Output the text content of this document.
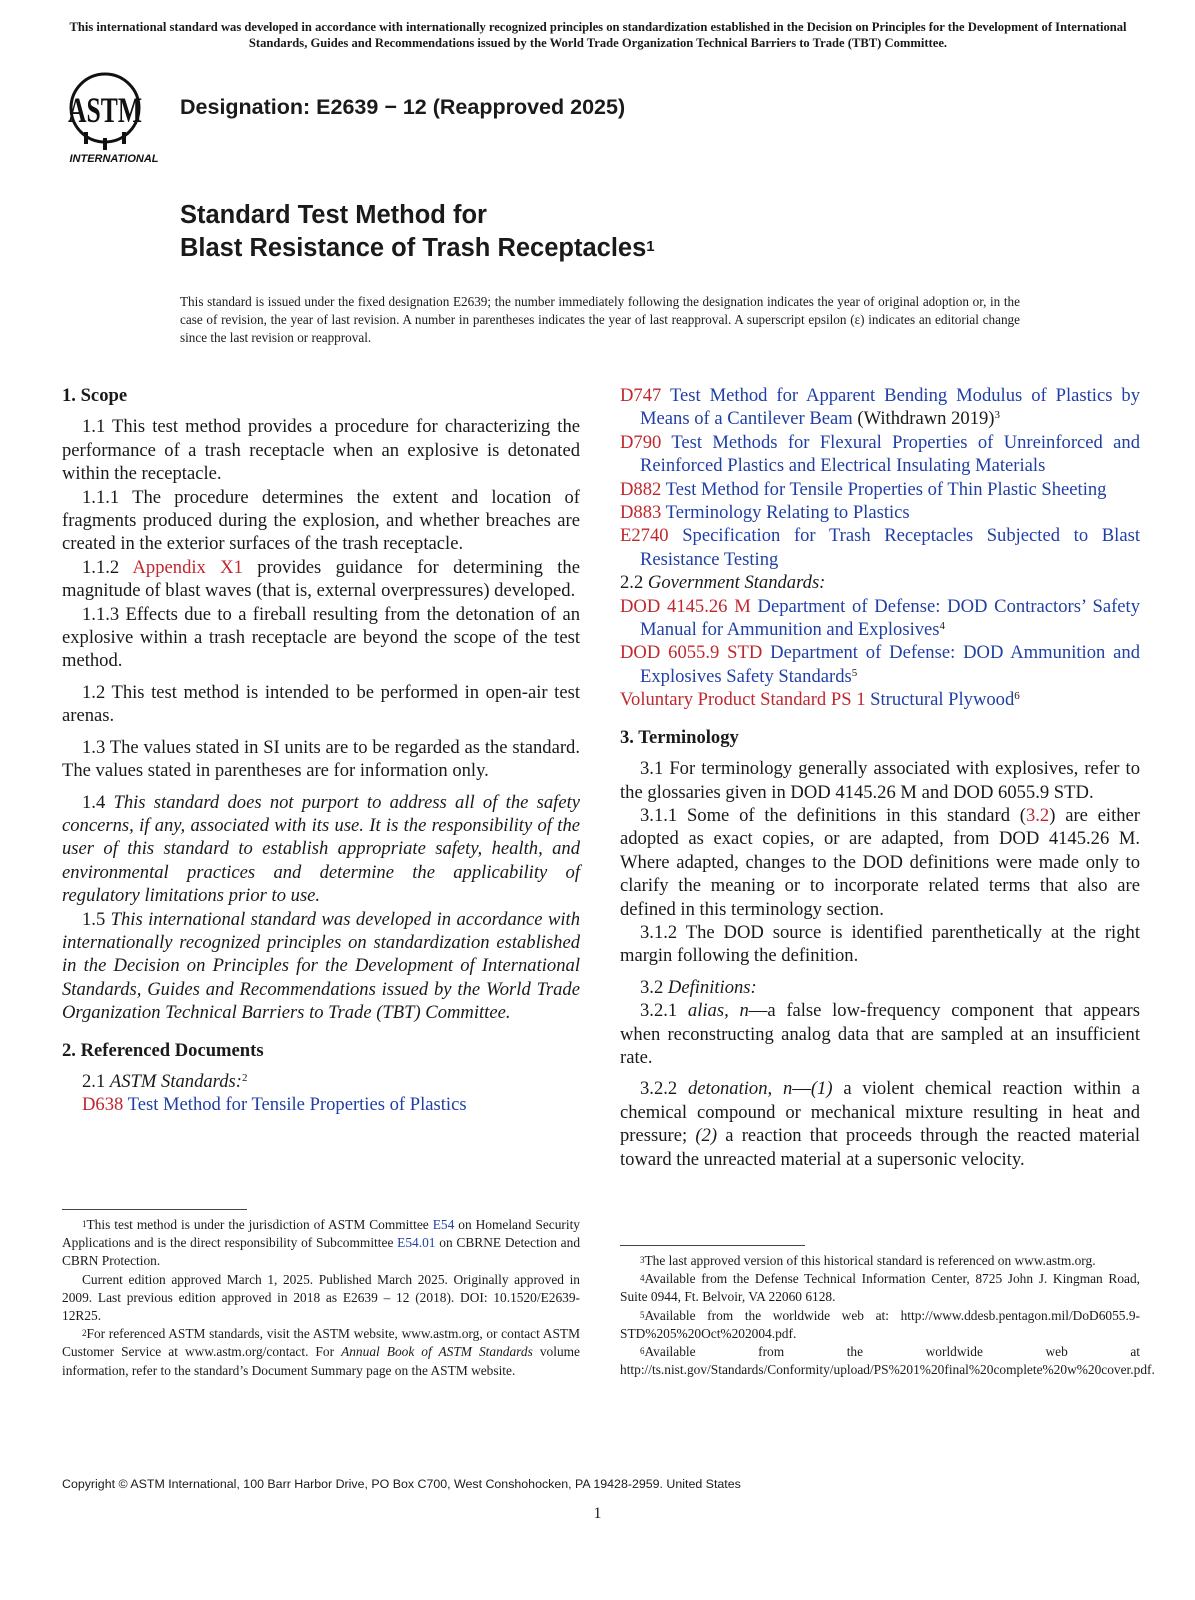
This international standard was developed in accordance with internationally recognized principles on standardization established in the Decision on Principles for the Development of International Standards, Guides and Recommendations issued by the World Trade Organization Technical Barriers to Trade (TBT) Committee.
ASTM
INTERNATIONAL
Designation: E2639 − 12 (Reapproved 2025)
Standard Test Method for
Blast Resistance of Trash Receptacles$^1$
This standard is issued under the fixed designation E2639; the number immediately following the designation indicates the year of original adoption or, in the case of revision, the year of last revision. A number in parentheses indicates the year of last reapproval. A superscript epsilon (ε) indicates an editorial change since the last revision or reapproval.
1. Scope

1.1 This test method provides a procedure for characterizing the performance of a trash receptacle when an explosive is detonated within the receptacle.

1.1.1 The procedure determines the extent and location of fragments produced during the explosion, and whether breaches are created in the exterior surfaces of the trash receptacle.

1.1.2 Appendix X1 provides guidance for determining the magnitude of blast waves (that is, external overpressures) developed.

1.1.3 Effects due to a fireball resulting from the detonation of an explosive within a trash receptacle are beyond the scope of the test method.

1.2 This test method is intended to be performed in open-air test arenas.

1.3 The values stated in SI units are to be regarded as the standard. The values stated in parentheses are for information only.

1.4 This standard does not purport to address all of the safety concerns, if any, associated with its use. It is the responsibility of the user of this standard to establish appropriate safety, health, and environmental practices and determine the applicability of regulatory limitations prior to use.

1.5 This international standard was developed in accordance with internationally recognized principles on standardization established in the Decision on Principles for the Development of International Standards, Guides and Recommendations issued by the World Trade Organization Technical Barriers to Trade (TBT) Committee.

2. Referenced Documents

2.1 ASTM Standards:$^2$

D638 Test Method for Tensile Properties of Plastics

D747 Test Method for Apparent Bending Modulus of Plastics by Means of a Cantilever Beam (Withdrawn 2019)$^3$

D790 Test Methods for Flexural Properties of Unreinforced and Reinforced Plastics and Electrical Insulating Materials

D882 Test Method for Tensile Properties of Thin Plastic Sheeting

D883 Terminology Relating to Plastics

E2740 Specification for Trash Receptacles Subjected to Blast Resistance Testing

2.2 Government Standards:

DOD 4145.26 M Department of Defense: DOD Contractors’ Safety Manual for Ammunition and Explosives$^4$

DOD 6055.9 STD Department of Defense: DOD Ammunition and Explosives Safety Standards$^5$

Voluntary Product Standard PS 1 Structural Plywood$^6$

3. Terminology

3.1 For terminology generally associated with explosives, refer to the glossaries given in DOD 4145.26 M and DOD 6055.9 STD.

3.1.1 Some of the definitions in this standard (3.2) are either adopted as exact copies, or are adapted, from DOD 4145.26 M. Where adapted, changes to the DOD definitions were made only to clarify the meaning or to incorporate related terms that also are defined in this terminology section.

3.1.2 The DOD source is identified parenthetically at the right margin following the definition.

3.2 Definitions:

3.2.1 alias, n—a false low-frequency component that appears when reconstructing analog data that are sampled at an insufficient rate.

3.2.2 detonation, n—(1) a violent chemical reaction within a chemical compound or mechanical mixture resulting in heat and pressure; (2) a reaction that proceeds through the reacted material toward the unreacted material at a supersonic velocity.

$^1$This test method is under the jurisdiction of ASTM Committee E54 on Homeland Security Applications and is the direct responsibility of Subcommittee E54.01 on CBRNE Detection and CBRN Protection.

Current edition approved March 1, 2025. Published March 2025. Originally approved in 2009. Last previous edition approved in 2018 as E2639 – 12 (2018). DOI: 10.1520/E2639-12R25.

$^2$For referenced ASTM standards, visit the ASTM website, www.astm.org, or contact ASTM Customer Service at www.astm.org/contact. For Annual Book of ASTM Standards volume information, refer to the standard’s Document Summary page on the ASTM website.

$^3$The last approved version of this historical standard is referenced on www.astm.org.

$^4$Available from the Defense Technical Information Center, 8725 John J. Kingman Road, Suite 0944, Ft. Belvoir, VA 22060 6128.

$^5$Available from the worldwide web at: http://www.ddesb.pentagon.mil/DoD6055.9-STD%205%20Oct%202004.pdf.

$^6$Available from the worldwide web at http://ts.nist.gov/Standards/Conformity/upload/PS%201%20final%20complete%20w%20cover.pdf.

Copyright © ASTM International, 100 Barr Harbor Drive, PO Box C700, West Conshohocken, PA 19428-2959. United States
1
